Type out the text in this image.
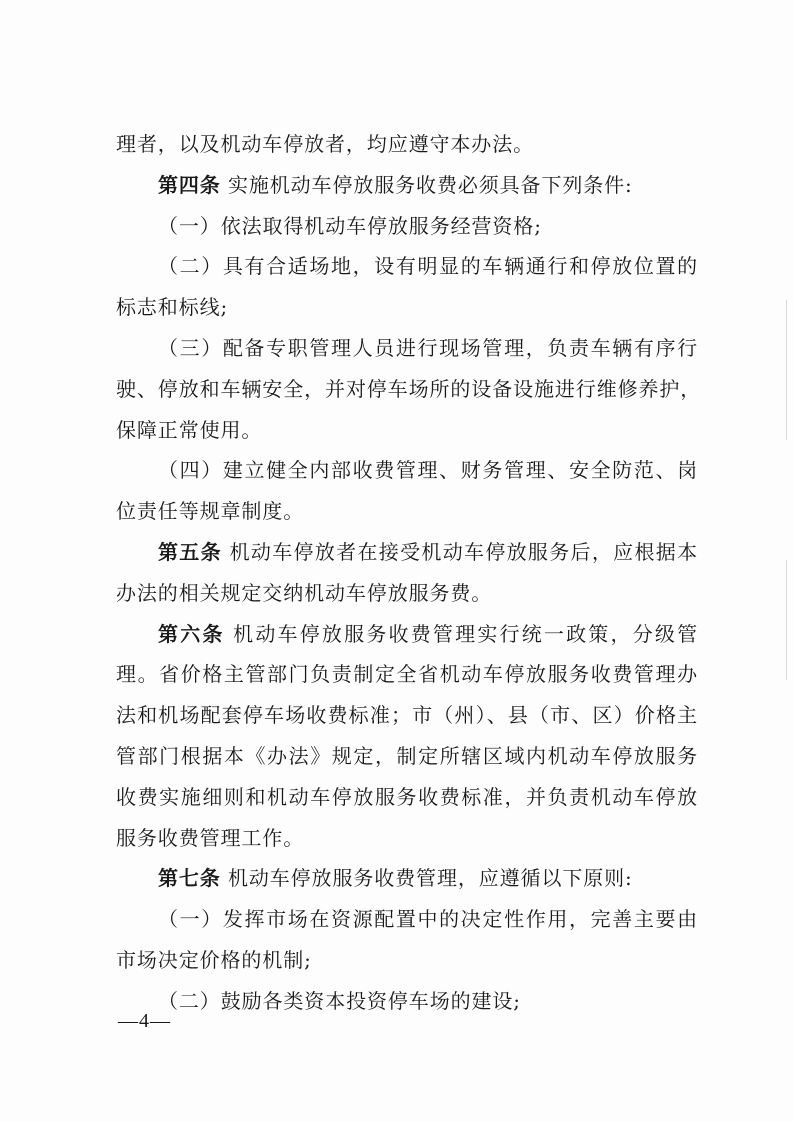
理者，以及机动车停放者，均应遵守本办法。
第四条 实施机动车停放服务收费必须具备下列条件:
（一）依法取得机动车停放服务经营资格;
（二）具有合适场地，设有明显的车辆通行和停放位置的
标志和标线;
（三）配备专职管理人员进行现场管理，负责车辆有序行
驶、停放和车辆安全，并对停车场所的设备设施进行维修养护，
保障正常使用。
（四）建立健全内部收费管理、财务管理、安全防范、岗
位责任等规章制度。
第五条 机动车停放者在接受机动车停放服务后，应根据本
办法的相关规定交纳机动车停放服务费。
第六条 机动车停放服务收费管理实行统一政策，分级管
理。省价格主管部门负责制定全省机动车停放服务收费管理办
法和机场配套停车场收费标准；市（州）、县（市、区）价格主
管部门根据本《办法》规定，制定所辖区域内机动车停放服务
收费实施细则和机动车停放服务收费标准，并负责机动车停放
服务收费管理工作。
第七条 机动车停放服务收费管理，应遵循以下原则:
（一）发挥市场在资源配置中的决定性作用，完善主要由
市场决定价格的机制;
（二）鼓励各类资本投资停车场的建设;
—4—
